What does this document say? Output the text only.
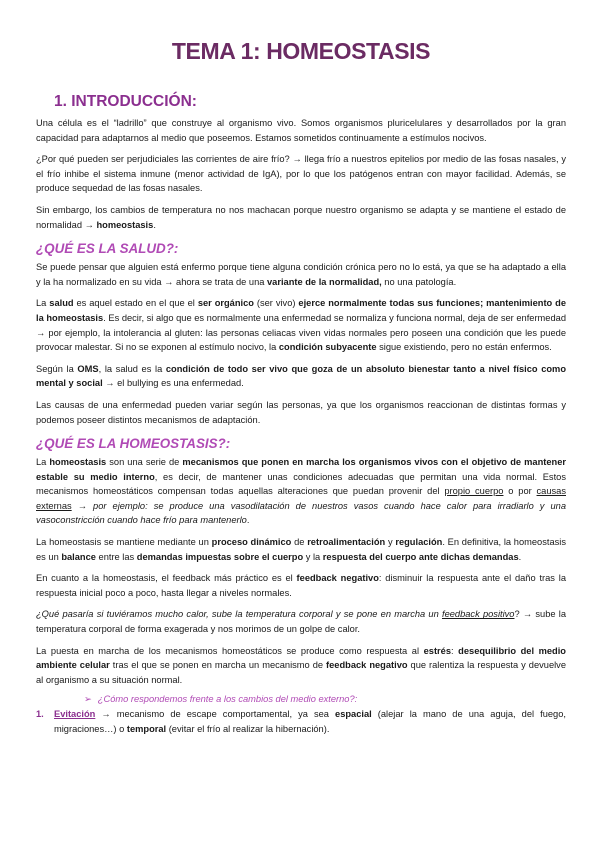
TEMA 1: HOMEOSTASIS
1. INTRODUCCIÓN:

Una célula es el “ladrillo” que construye al organismo vivo. Somos organismos pluricelulares y desarrollados por la gran capacidad para adaptarnos al medio que poseemos. Estamos sometidos continuamente a estímulos nocivos.

¿Por qué pueden ser perjudiciales las corrientes de aire frío? → llega frío a nuestros epitelios por medio de las fosas nasales, y el frío inhibe el sistema inmune (menor actividad de IgA), por lo que los patógenos entran con mayor facilidad. Además, se produce sequedad de las fosas nasales.

Sin embargo, los cambios de temperatura no nos machacan porque nuestro organismo se adapta y se mantiene el estado de normalidad → homeostasis.

¿QUÉ ES LA SALUD?:

Se puede pensar que alguien está enfermo porque tiene alguna condición crónica pero no lo está, ya que se ha adaptado a ella y la ha normalizado en su vida → ahora se trata de una variante de la normalidad, no una patología.

La salud es aquel estado en el que el ser orgánico (ser vivo) ejerce normalmente todas sus funciones; mantenimiento de la homeostasis. Es decir, si algo que es normalmente una enfermedad se normaliza y funciona normal, deja de ser enfermedad → por ejemplo, la intolerancia al gluten: las personas celiacas viven vidas normales pero poseen una condición que les puede provocar malestar. Si no se exponen al estímulo nocivo, la condición subyacente sigue existiendo, pero no están enfermos.

Según la OMS, la salud es la condición de todo ser vivo que goza de un absoluto bienestar tanto a nivel físico como mental y social → el bullying es una enfermedad.

Las causas de una enfermedad pueden variar según las personas, ya que los organismos reaccionan de distintas formas y podemos poseer distintos mecanismos de adaptación.

¿QUÉ ES LA HOMEOSTASIS?:

La homeostasis son una serie de mecanismos que ponen en marcha los organismos vivos con el objetivo de mantener estable su medio interno, es decir, de mantener unas condiciones adecuadas que permitan una vida normal. Estos mecanismos homeostáticos compensan todas aquellas alteraciones que puedan provenir del propio cuerpo o por causas externas → por ejemplo: se produce una vasodilatación de nuestros vasos cuando hace calor para irradiarlo y una vasoconstricción cuando hace frío para mantenerlo.

La homeostasis se mantiene mediante un proceso dinámico de retroalimentación y regulación. En definitiva, la homeostasis es un balance entre las demandas impuestas sobre el cuerpo y la respuesta del cuerpo ante dichas demandas.

En cuanto a la homeostasis, el feedback más práctico es el feedback negativo: disminuir la respuesta ante el daño tras la respuesta inicial poco a poco, hasta llegar a niveles normales.

¿Qué pasaría si tuviéramos mucho calor, sube la temperatura corporal y se pone en marcha un feedback positivo? → sube la temperatura corporal de forma exagerada y nos morimos de un golpe de calor.

La puesta en marcha de los mecanismos homeostáticos se produce como respuesta al estrés: desequilibrio del medio ambiente celular tras el que se ponen en marcha un mecanismo de feedback negativo que ralentiza la respuesta y devuelve al organismo a su situación normal.

➢ ¿Cómo respondemos frente a los cambios del medio externo?:

1. Evitación → mecanismo de escape comportamental, ya sea espacial (alejar la mano de una aguja, del fuego, migraciones…) o temporal (evitar el frío al realizar la hibernación).
